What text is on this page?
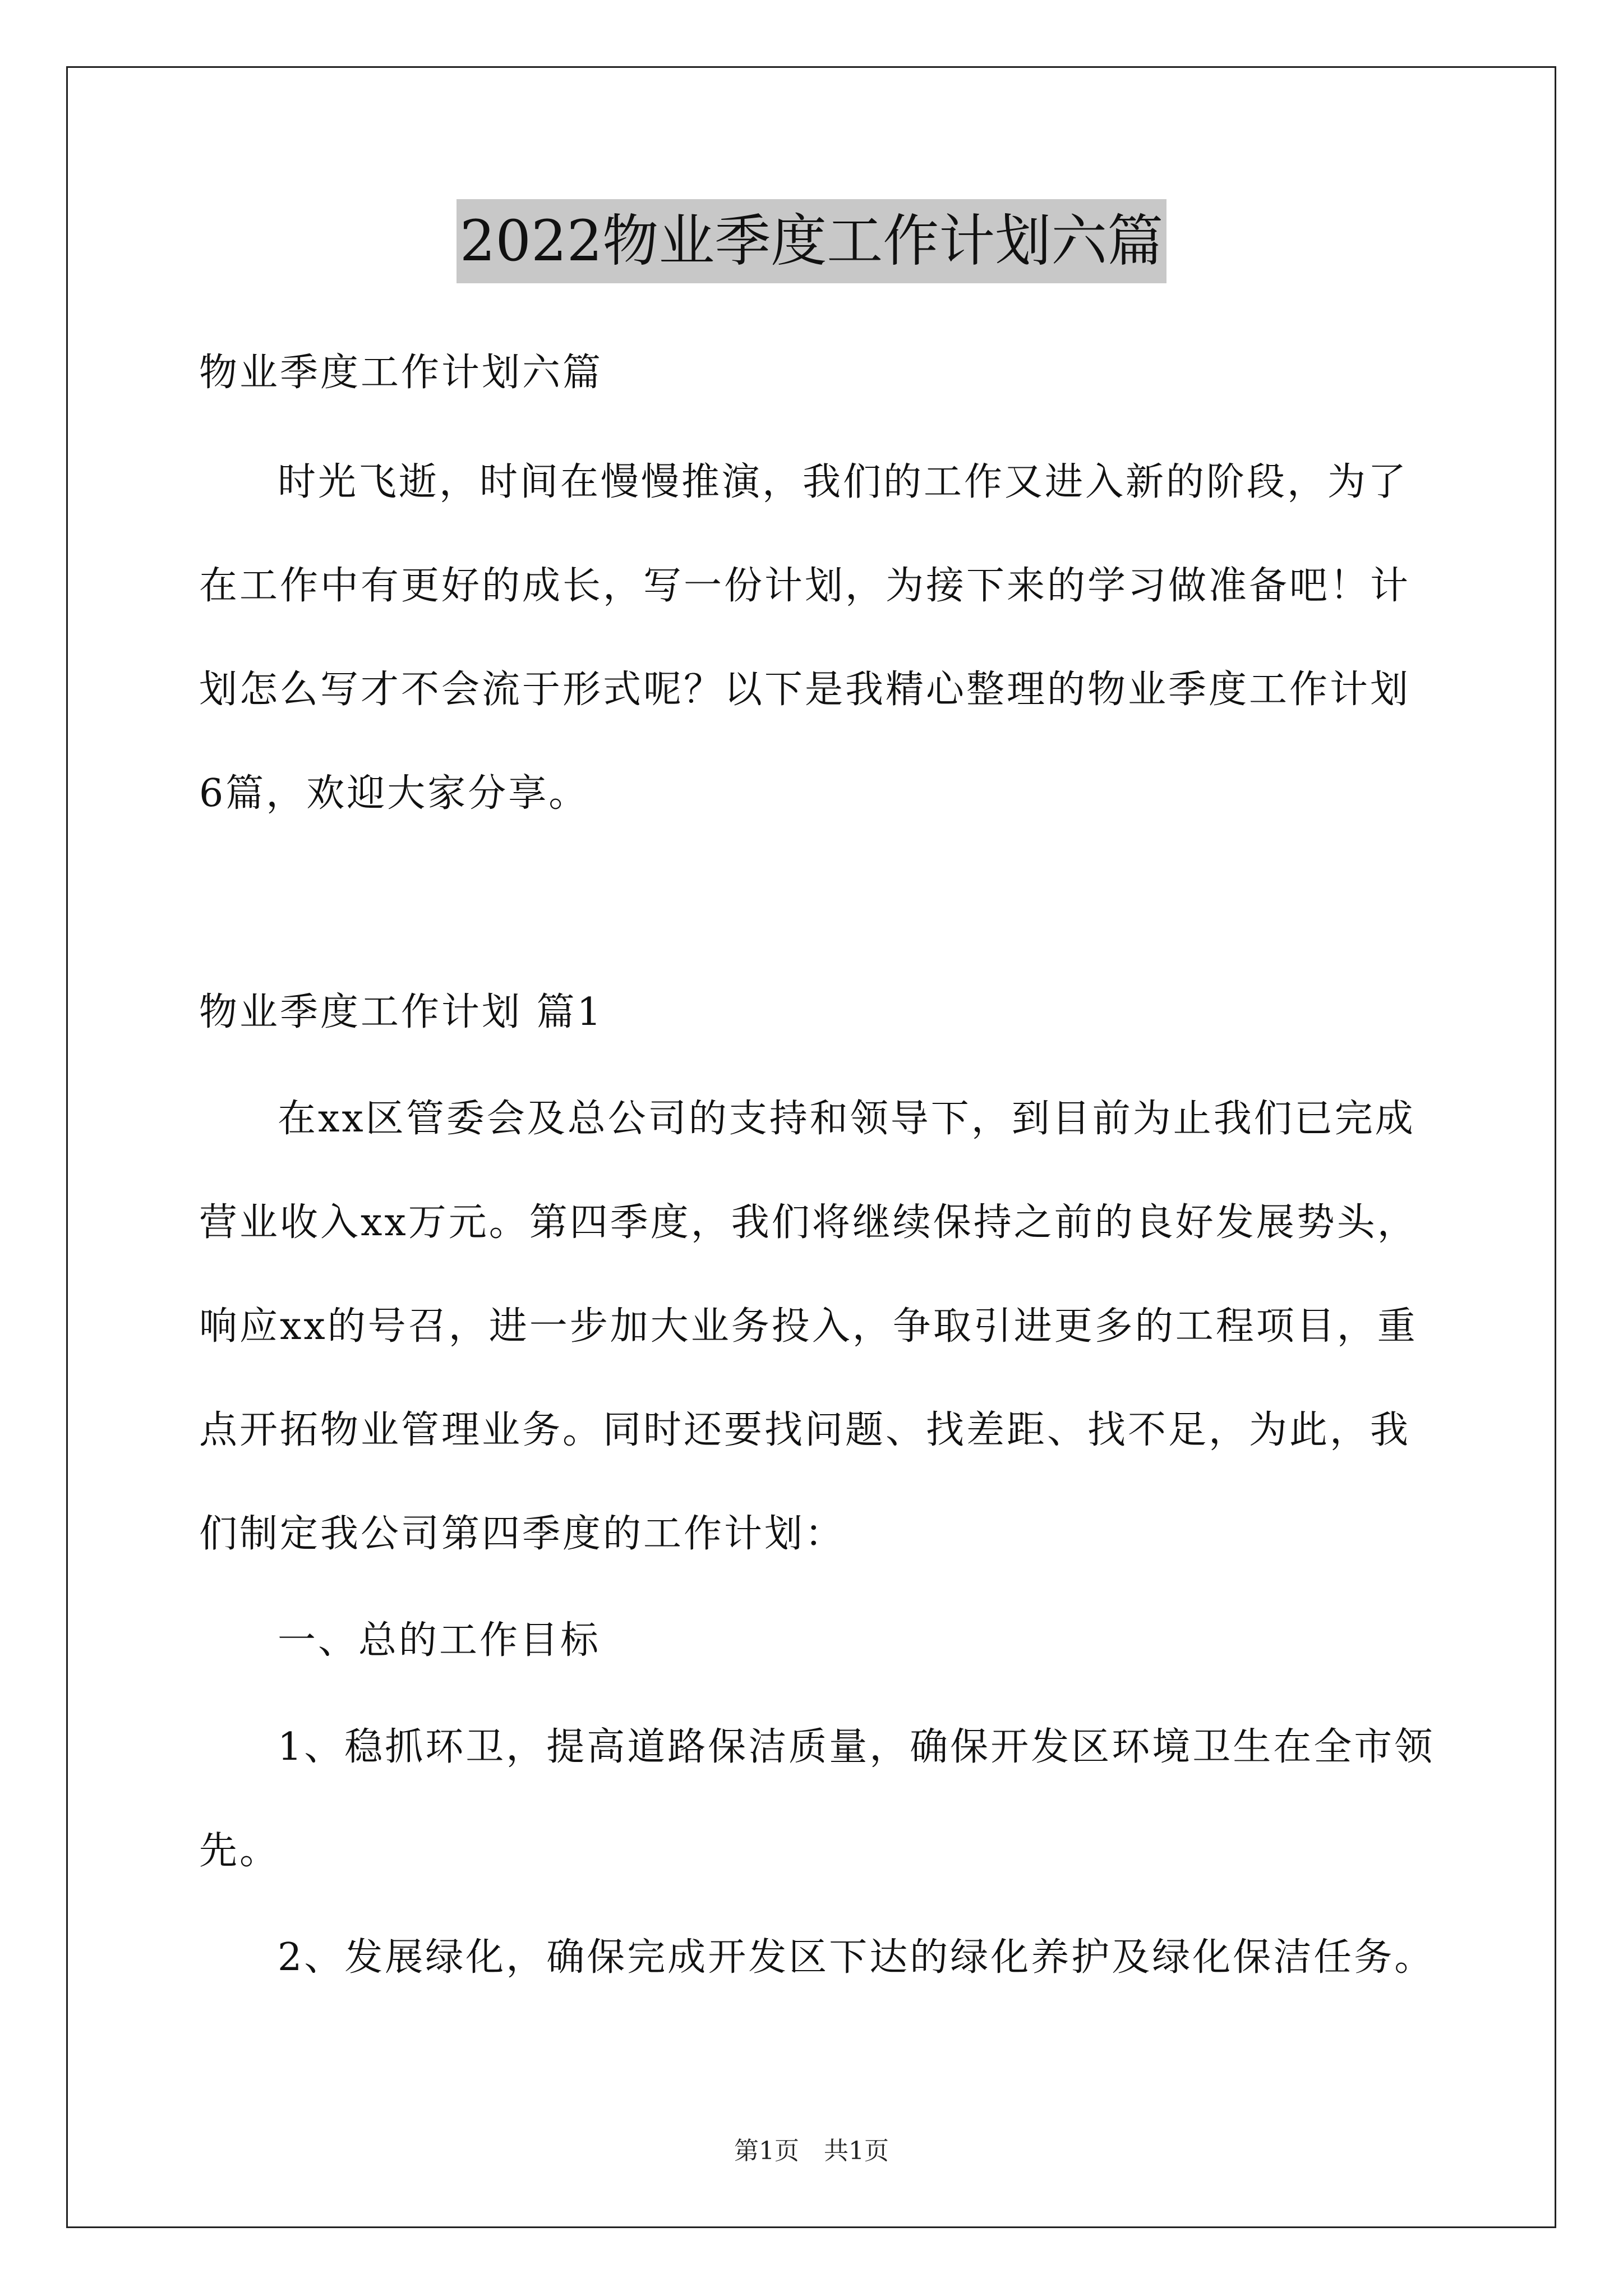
2022物业季度工作计划六篇
物业季度工作计划六篇
时光飞逝，时间在慢慢推演，我们的工作又进入新的阶段，为了
在工作中有更好的成长，写一份计划，为接下来的学习做准备吧！计
划怎么写才不会流于形式呢？以下是我精心整理的物业季度工作计划
6篇，欢迎大家分享。
物业季度工作计划 篇1
在xx区管委会及总公司的支持和领导下，到目前为止我们已完成
营业收入xx万元。第四季度，我们将继续保持之前的良好发展势头，
响应xx的号召，进一步加大业务投入，争取引进更多的工程项目，重
点开拓物业管理业务。同时还要找问题、找差距、找不足，为此，我
们制定我公司第四季度的工作计划：
一、总的工作目标
1、稳抓环卫，提高道路保洁质量，确保开发区环境卫生在全市领
先。
2、发展绿化，确保完成开发区下达的绿化养护及绿化保洁任务。
第1页　共1页
